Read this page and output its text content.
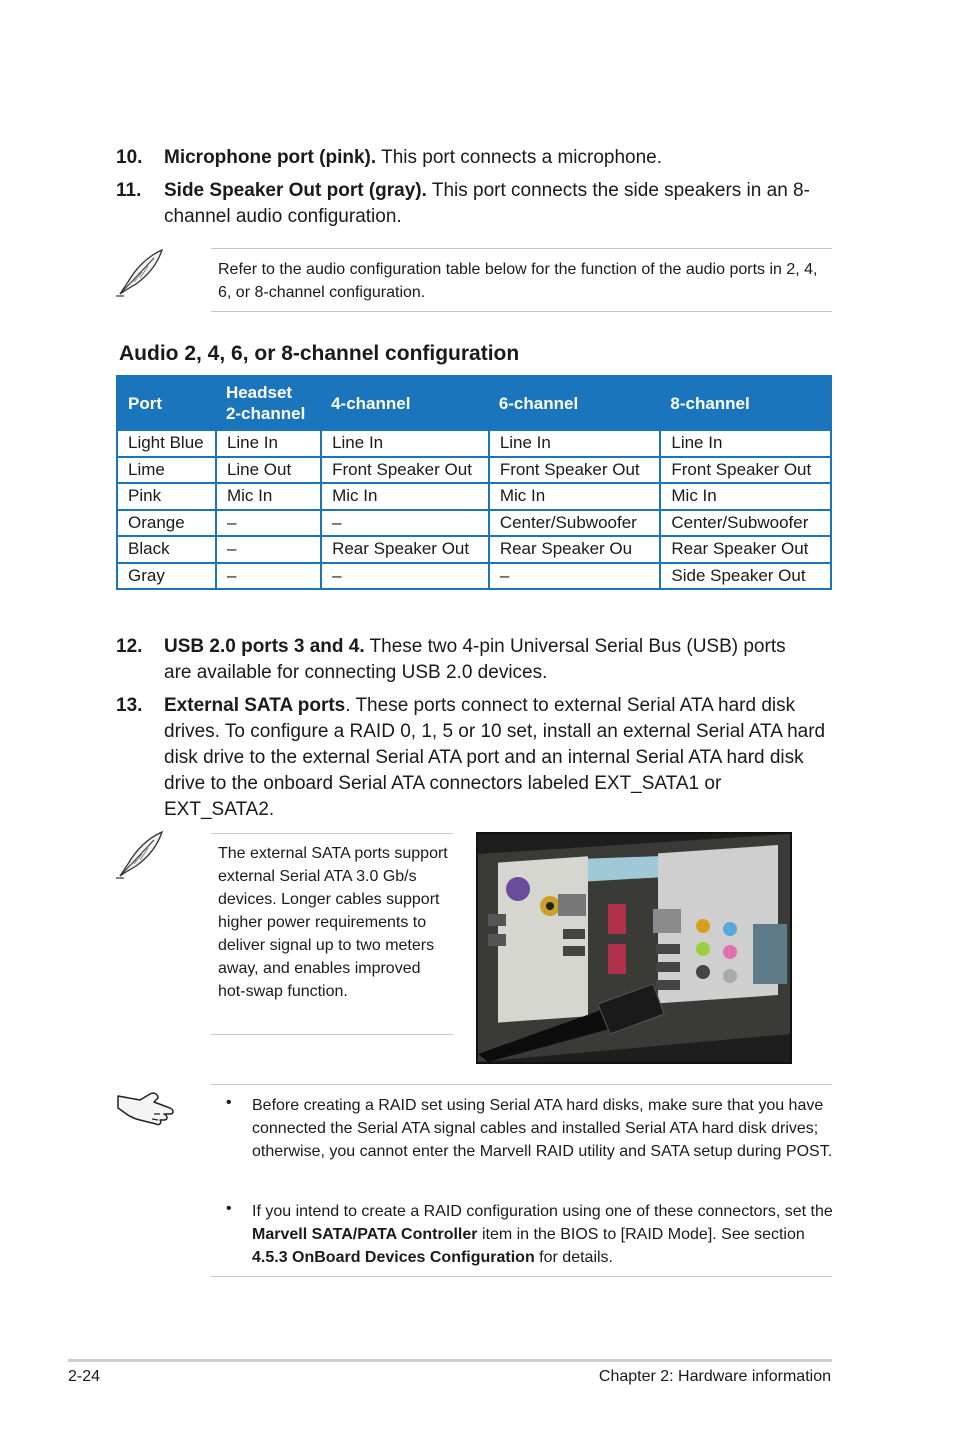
10. Microphone port (pink). This port connects a microphone.
11. Side Speaker Out port (gray). This port connects the side speakers in an 8-channel audio configuration.
Refer to the audio configuration table below for the function of the audio ports in 2, 4, 6, or 8-channel configuration.
Audio 2, 4, 6, or 8-channel configuration
Port	Headset 2-channel	4-channel	6-channel	8-channel
Light Blue	Line In	Line In	Line In	Line In
Lime	Line Out	Front Speaker Out	Front Speaker Out	Front Speaker Out
Pink	Mic In	Mic In	Mic In	Mic In
Orange	–	–	Center/Subwoofer	Center/Subwoofer
Black	–	Rear Speaker Out	Rear Speaker Ou	Rear Speaker Out
Gray	–	–	–	Side Speaker Out
12. USB 2.0 ports 3 and 4. These two 4-pin Universal Serial Bus (USB) ports are available for connecting USB 2.0 devices.
13. External SATA ports. These ports connect to external Serial ATA hard disk drives. To configure a RAID 0, 1, 5 or 10 set, install an external Serial ATA hard disk drive to the external Serial ATA port and an internal Serial ATA hard disk drive to the onboard Serial ATA connectors labeled EXT_SATA1 or EXT_SATA2.
The external SATA ports support external Serial ATA 3.0 Gb/s devices. Longer cables support higher power requirements to deliver signal up to two meters away, and enables improved hot-swap function.
• Before creating a RAID set using Serial ATA hard disks, make sure that you have connected the Serial ATA signal cables and installed Serial ATA hard disk drives; otherwise, you cannot enter the Marvell RAID utility and SATA setup during POST.
• If you intend to create a RAID configuration using one of these connectors, set the Marvell SATA/PATA Controller item in the BIOS to [RAID Mode]. See section 4.5.3 OnBoard Devices Configuration for details.
2-24	Chapter 2: Hardware information
